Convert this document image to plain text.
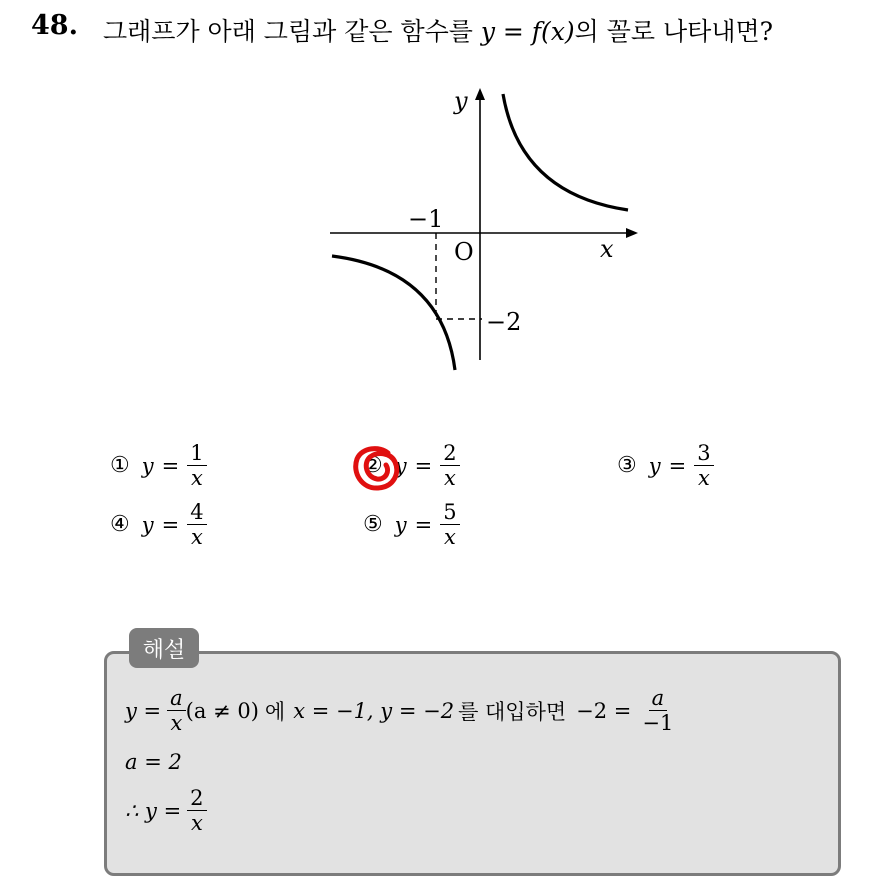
48. 그래프가 아래 그림과 같은 함수를 y = f(x)의 꼴로 나타내면?
x
y
O
−1
−2
① $y = \frac{1}{x}$	② $y = \frac{2}{x}$	③ $y = \frac{3}{x}$
④ $y = \frac{4}{x}$	⑤ $y = \frac{5}{x}$
해설
$y = \frac{a}{x} (a \ne 0)$ 에 x = −1, y = −2 를 대입하면 $-2 = \frac{a}{-1}$
a = 2
∴ $y = \frac{2}{x}$
